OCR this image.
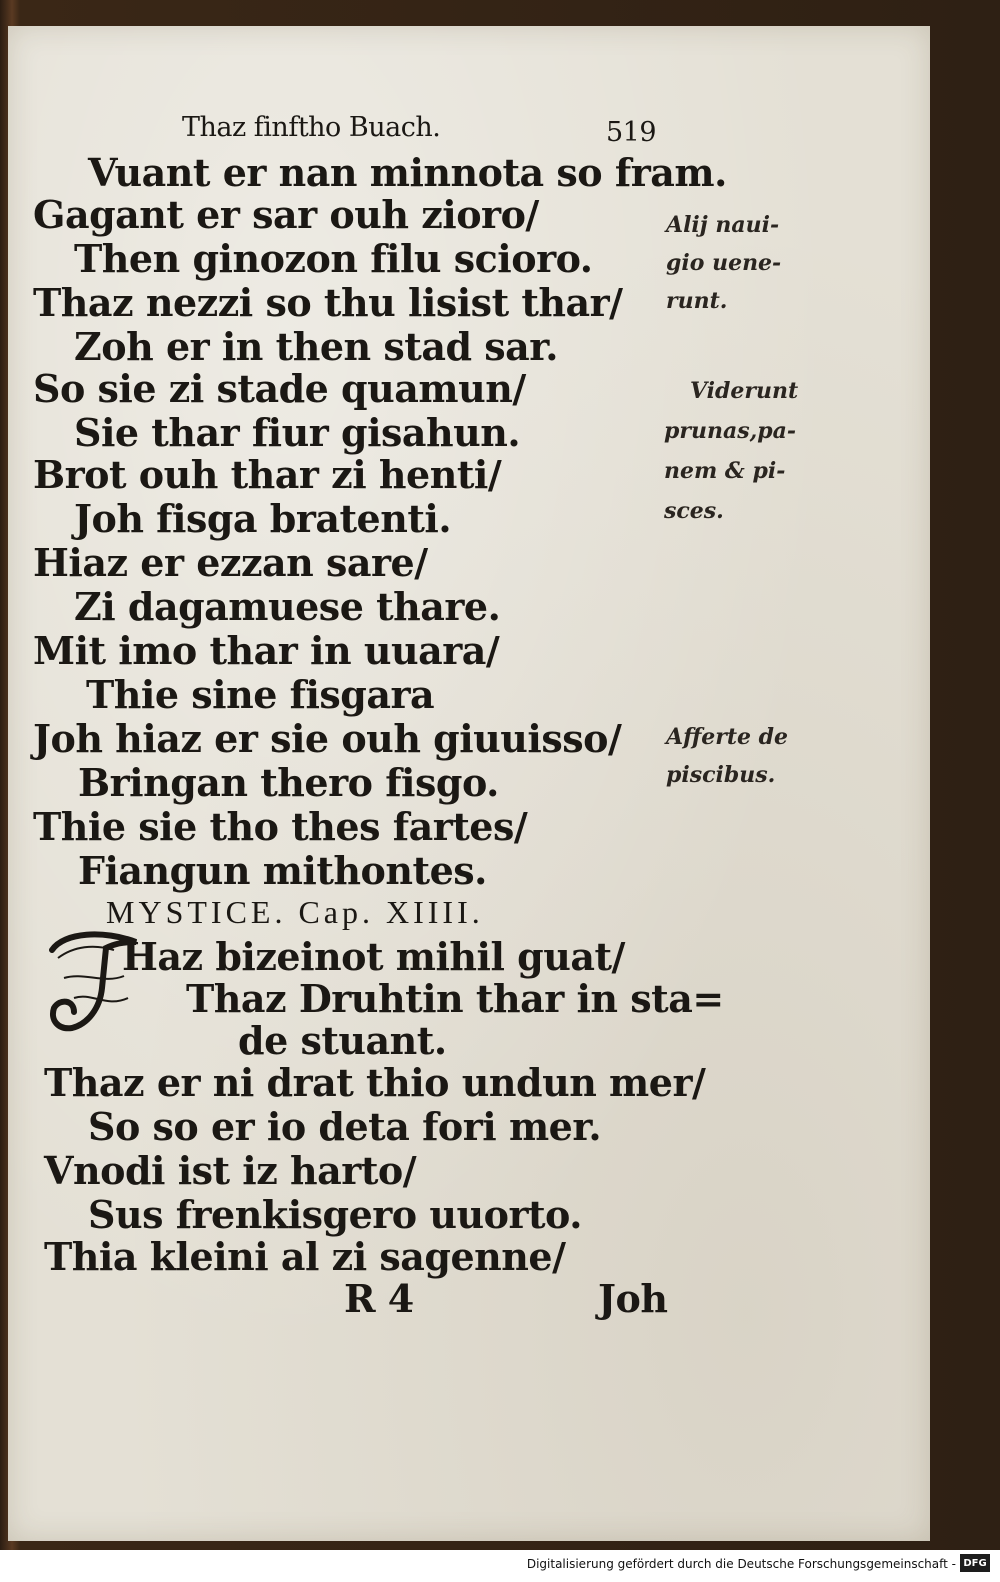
Thaz finftho Buach.	519
Vuant er nan minnota so fram.
Gagant er sar ouh zioro/
Then ginozon filu scioro.
Thaz nezzi so thu lisist thar/
Zoh er in then stad sar.
So sie zi stade quamun/
Sie thar fiur gisahun.
Brot ouh thar zi henti/
Joh fisga bratenti.
Hiaz er ezzan sare/
Zi dagamuese thare.
Mit imo thar in uuara/
Thie sine fisgara
Joh hiaz er sie ouh giuuisso/
Bringan thero fisgo.
Thie sie tho thes fartes/
Fiangun mithontes.
MYSTICE. Cap. XIIII.
Haz bizeinot mihil guat/
Thaz Druhtin thar in sta=
de stuant.
Thaz er ni drat thio undun mer/
So so er io deta fori mer.
Vnodi ist iz harto/
Sus frenkisgero uuorto.
Thia kleini al zi sagenne/
R 4	Joh
Alij naui-
gio uene-
runt.
Viderunt
prunas,pa-
nem & pi-
sces.
Afferte de
piscibus.
Digitalisierung gefördert durch die Deutsche Forschungsgemeinschaft - DFG
